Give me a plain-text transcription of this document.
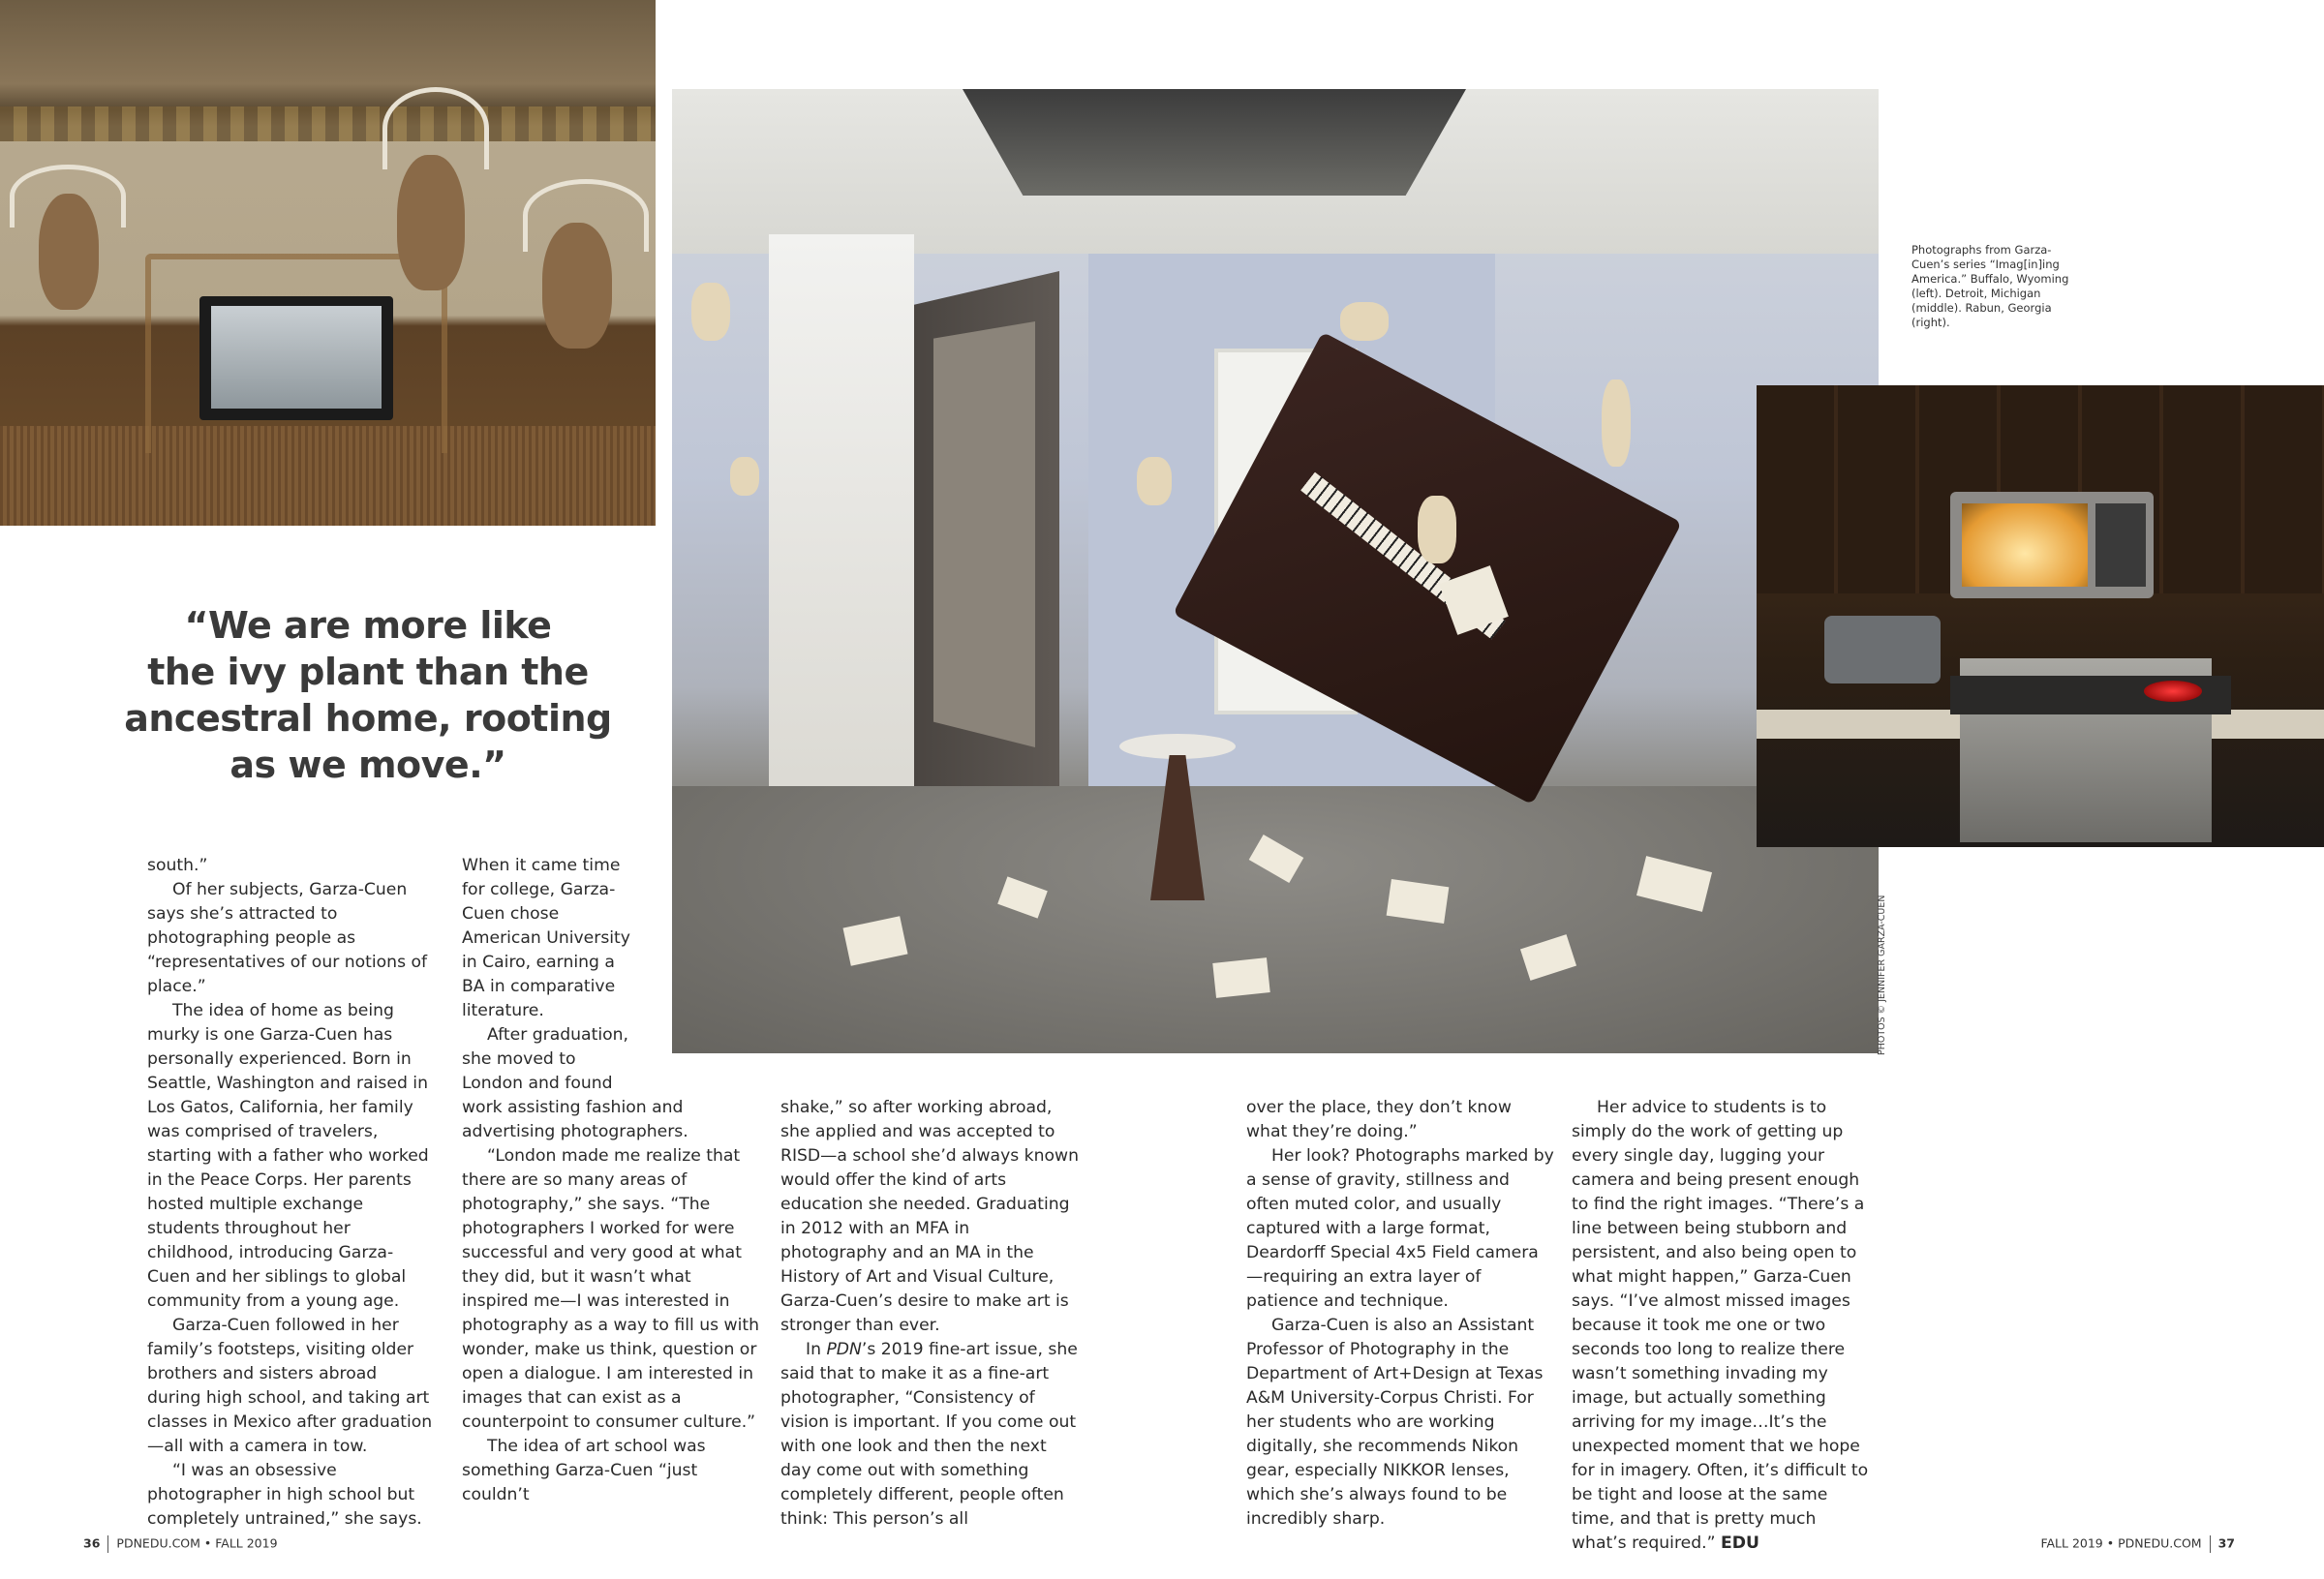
Photographs from Garza-Cuen’s series “Imag[in]ing America.” Buffalo, Wyoming (left). Detroit, Michigan (middle). Rabun, Georgia (right).
PHOTOS © JENNIFER GARZA-CUEN
“We are more like
the ivy plant than the
ancestral home, rooting
as we move.”

south.”

Of her subjects, Garza-Cuen says she’s attracted to photographing people as “representatives of our notions of place.”

The idea of home as being murky is one Garza-Cuen has personally experienced. Born in Seattle, Washington and raised in Los Gatos, California, her family was comprised of travelers, starting with a father who worked in the Peace Corps. Her parents hosted multiple exchange students throughout her childhood, introducing Garza-Cuen and her siblings to global community from a young age.

Garza-Cuen followed in her family’s footsteps, visiting older brothers and sisters abroad during high school, and taking art classes in Mexico after graduation—all with a camera in tow.

“I was an obsessive photographer in high school but completely untrained,” she says.

When it came time for college, Garza-Cuen chose American University in Cairo, earning a BA in comparative literature.

After graduation, she moved to London and found

work assisting fashion and advertising photographers.

“London made me realize that there are so many areas of photography,” she says. “The photographers I worked for were successful and very good at what they did, but it wasn’t what inspired me—I was interested in photography as a way to fill us with wonder, make us think, question or open a dialogue. I am interested in images that can exist as a counterpoint to consumer culture.”

The idea of art school was something Garza-Cuen “just couldn’t

shake,” so after working abroad, she applied and was accepted to RISD—a school she’d always known would offer the kind of arts education she needed. Graduating in 2012 with an MFA in photography and an MA in the History of Art and Visual Culture, Garza-Cuen’s desire to make art is stronger than ever.

In PDN’s 2019 fine-art issue, she said that to make it as a fine-art photographer, “Consistency of vision is important. If you come out with one look and then the next day come out with something completely different, people often think: This person’s all

over the place, they don’t know what they’re doing.”

Her look? Photographs marked by a sense of gravity, stillness and often muted color, and usually captured with a large format, Deardorff Special 4x5 Field camera—requiring an extra layer of patience and technique.

Garza-Cuen is also an Assistant Professor of Photography in the Department of Art+Design at Texas A&M University-Corpus Christi. For her students who are working digitally, she recommends Nikon gear, especially NIKKOR lenses, which she’s always found to be incredibly sharp.

Her advice to students is to simply do the work of getting up every single day, lugging your camera and being present enough to find the right images. “There’s a line between being stubborn and persistent, and also being open to what might happen,” Garza-Cuen says. “I’ve almost missed images because it took me one or two seconds too long to realize there wasn’t something invading my image, but actually something arriving for my image…It’s the unexpected moment that we hope for in imagery. Often, it’s difficult to be tight and loose at the same time, and that is pretty much what’s required.” EDU

36 PDNEDU.COM • FALL 2019	FALL 2019 • PDNEDU.COM 37
